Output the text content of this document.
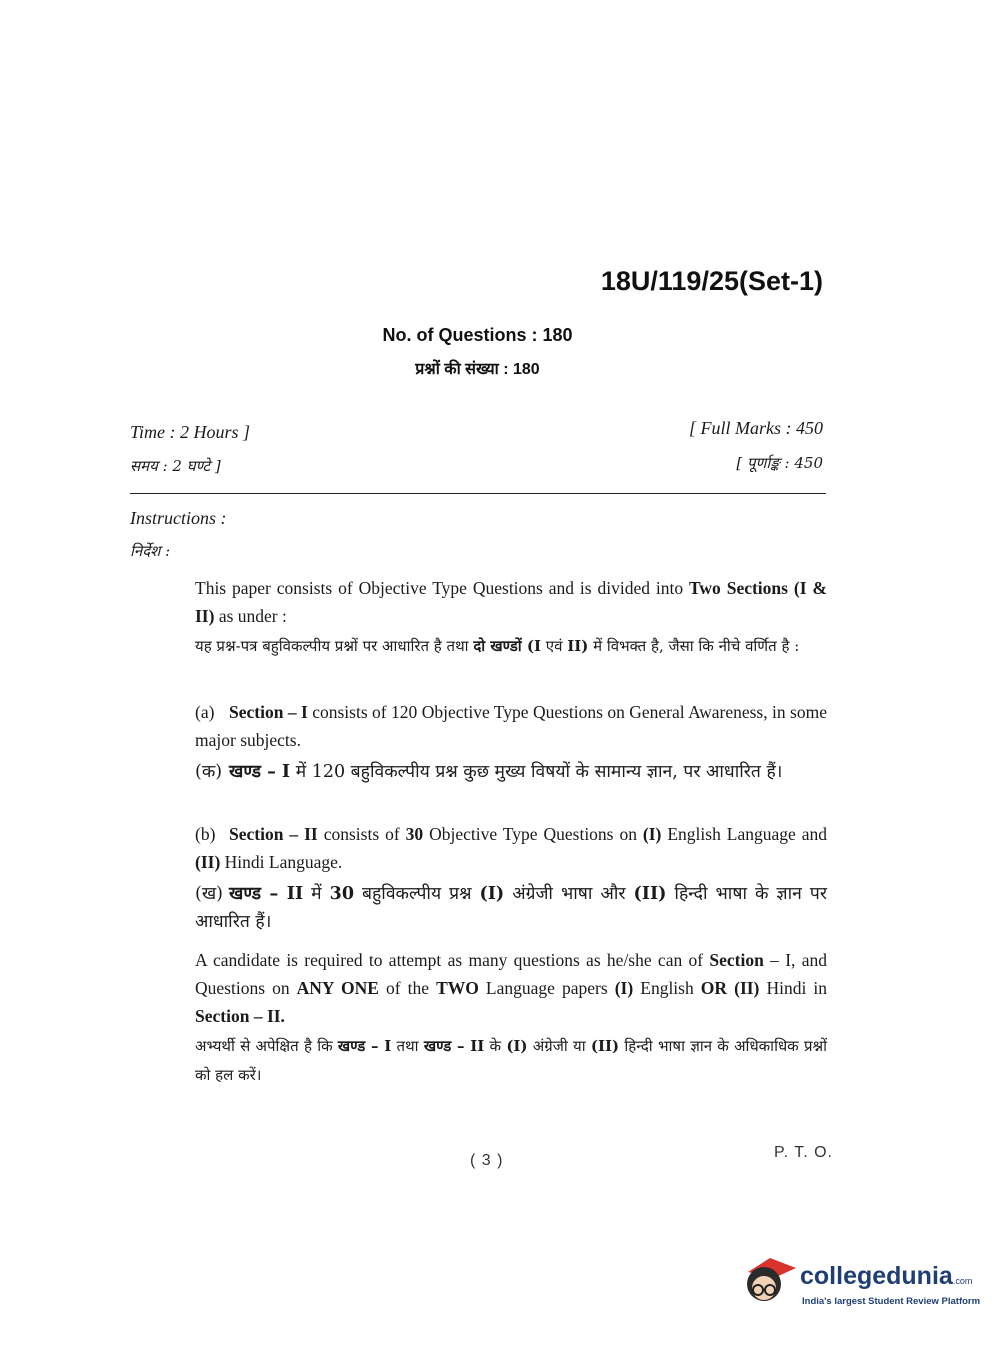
18U/119/25(Set-1)
No. of Questions : 180
प्रश्नों की संख्या : 180
Time : 2 Hours ]
समय : 2 घण्टे ]
[ Full Marks : 450
[ पूर्णाङ्क : 450
Instructions :
निर्देश :
This paper consists of Objective Type Questions and is divided into Two Sections (I & II) as under :
यह प्रश्न-पत्र बहुविकल्पीय प्रश्नों पर आधारित है तथा दो खण्डों (I एवं II) में विभक्त है, जैसा कि नीचे वर्णित है :
(a) Section – I consists of 120 Objective Type Questions on General Awareness, in some major subjects.
(क) खण्ड – I में 120 बहुविकल्पीय प्रश्न कुछ मुख्य विषयों के सामान्य ज्ञान, पर आधारित हैं।
(b) Section – II consists of 30 Objective Type Questions on (I) English Language and (II) Hindi Language.
(ख) खण्ड – II में 30 बहुविकल्पीय प्रश्न (I) अंग्रेजी भाषा और (II) हिन्दी भाषा के ज्ञान पर आधारित हैं।
A candidate is required to attempt as many questions as he/she can of Section – I, and Questions on ANY ONE of the TWO Language papers (I) English OR (II) Hindi in Section – II.
अभ्यर्थी से अपेक्षित है कि खण्ड – I तथा खण्ड – II के (I) अंग्रेजी या (II) हिन्दी भाषा ज्ञान के अधिकाधिक प्रश्नों को हल करें।
( 3 )	P. T. O.
collegedunia.com
India's largest Student Review Platform
